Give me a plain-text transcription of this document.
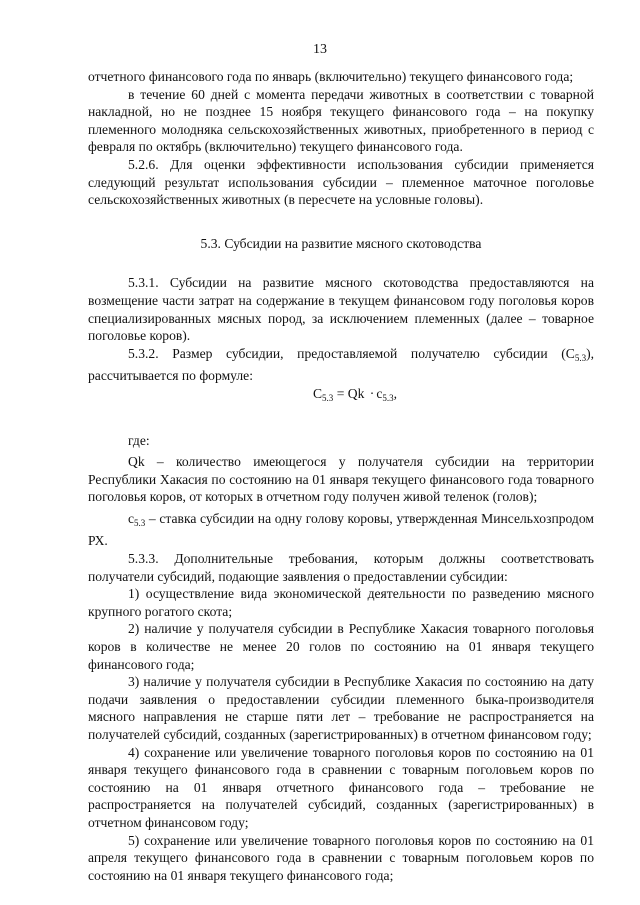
13

отчетного финансового года по январь (включительно) текущего финансового года;

в течение 60 дней с момента передачи животных в соответствии с товарной накладной, но не позднее 15 ноября текущего финансового года – на покупку племенного молодняка сельскохозяйственных животных, приобретенного в период с февраля по октябрь (включительно) текущего финансового года.

5.2.6. Для оценки эффективности использования субсидии применяется следующий результат использования субсидии – племенное маточное поголовье сельскохозяйственных животных (в пересчете на условные головы).

5.3. Субсидии на развитие мясного скотоводства

5.3.1. Субсидии на развитие мясного скотоводства предоставляются на возмещение части затрат на содержание в текущем финансовом году поголовья коров специализированных мясных пород, за исключением племенных (далее – товарное поголовье коров).

5.3.2. Размер субсидии, предоставляемой получателю субсидии $(С_{5.3})$, рассчитывается по формуле:

$С_{5.3} = Qk \cdot с_{5.3}$,

где:

Qk – количество имеющегося у получателя субсидии на территории Республики Хакасия по состоянию на 01 января текущего финансового года товарного поголовья коров, от которых в отчетном году получен живой теленок (голов);

$с_{5.3}$ – ставка субсидии на одну голову коровы, утвержденная Минсельхозпродом РХ.

5.3.3. Дополнительные требования, которым должны соответствовать получатели субсидий, подающие заявления о предоставлении субсидии:

1) осуществление вида экономической деятельности по разведению мясного крупного рогатого скота;

2) наличие у получателя субсидии в Республике Хакасия товарного поголовья коров в количестве не менее 20 голов по состоянию на 01 января текущего финансового года;

3) наличие у получателя субсидии в Республике Хакасия по состоянию на дату подачи заявления о предоставлении субсидии племенного быка-производителя мясного направления не старше пяти лет – требование не распространяется на получателей субсидий, созданных (зарегистрированных) в отчетном финансовом году;

4) сохранение или увеличение товарного поголовья коров по состоянию на 01 января текущего финансового года в сравнении с товарным поголовьем коров по состоянию на 01 января отчетного финансового года – требование не распространяется на получателей субсидий, созданных (зарегистрированных) в отчетном финансовом году;

5) сохранение или увеличение товарного поголовья коров по состоянию на 01 апреля текущего финансового года в сравнении с товарным поголовьем коров по состоянию на 01 января текущего финансового года;
